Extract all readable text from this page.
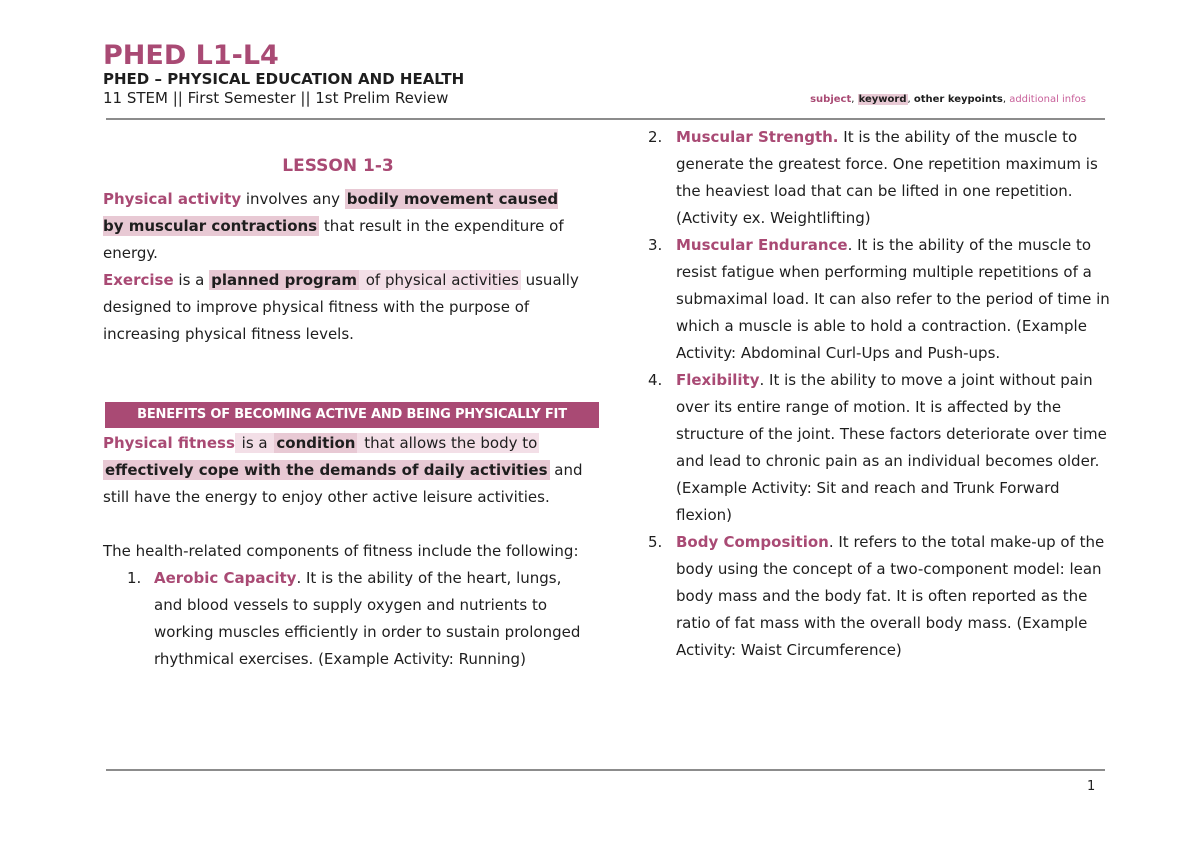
PHED L1-L4
PHED – PHYSICAL EDUCATION AND HEALTH
11 STEM || First Semester || 1st Prelim Review	subject, keyword, other keypoints, additional infos
LESSON 1-3

Physical activity involves any bodily movement caused by muscular contractions that result in the expenditure of energy.

Exercise is a planned program of physical activities usually designed to improve physical fitness with the purpose of increasing physical fitness levels.

BENEFITS OF BECOMING ACTIVE AND BEING PHYSICALLY FIT

Physical fitness is a condition that allows the body to effectively cope with the demands of daily activities and still have the energy to enjoy other active leisure activities.

The health-related components of fitness include the following:

1. Aerobic Capacity. It is the ability of the heart, lungs, and blood vessels to supply oxygen and nutrients to working muscles efficiently in order to sustain prolonged rhythmical exercises. (Example Activity: Running)
2. Muscular Strength. It is the ability of the muscle to generate the greatest force. One repetition maximum is the heaviest load that can be lifted in one repetition. (Activity ex. Weightlifting)
3. Muscular Endurance. It is the ability of the muscle to resist fatigue when performing multiple repetitions of a submaximal load. It can also refer to the period of time in which a muscle is able to hold a contraction. (Example Activity: Abdominal Curl-Ups and Push-ups.
4. Flexibility. It is the ability to move a joint without pain over its entire range of motion. It is affected by the structure of the joint. These factors deteriorate over time and lead to chronic pain as an individual becomes older. (Example Activity: Sit and reach and Trunk Forward flexion)
5. Body Composition. It refers to the total make-up of the body using the concept of a two-component model: lean body mass and the body fat. It is often reported as the ratio of fat mass with the overall body mass. (Example Activity: Waist Circumference)
1
